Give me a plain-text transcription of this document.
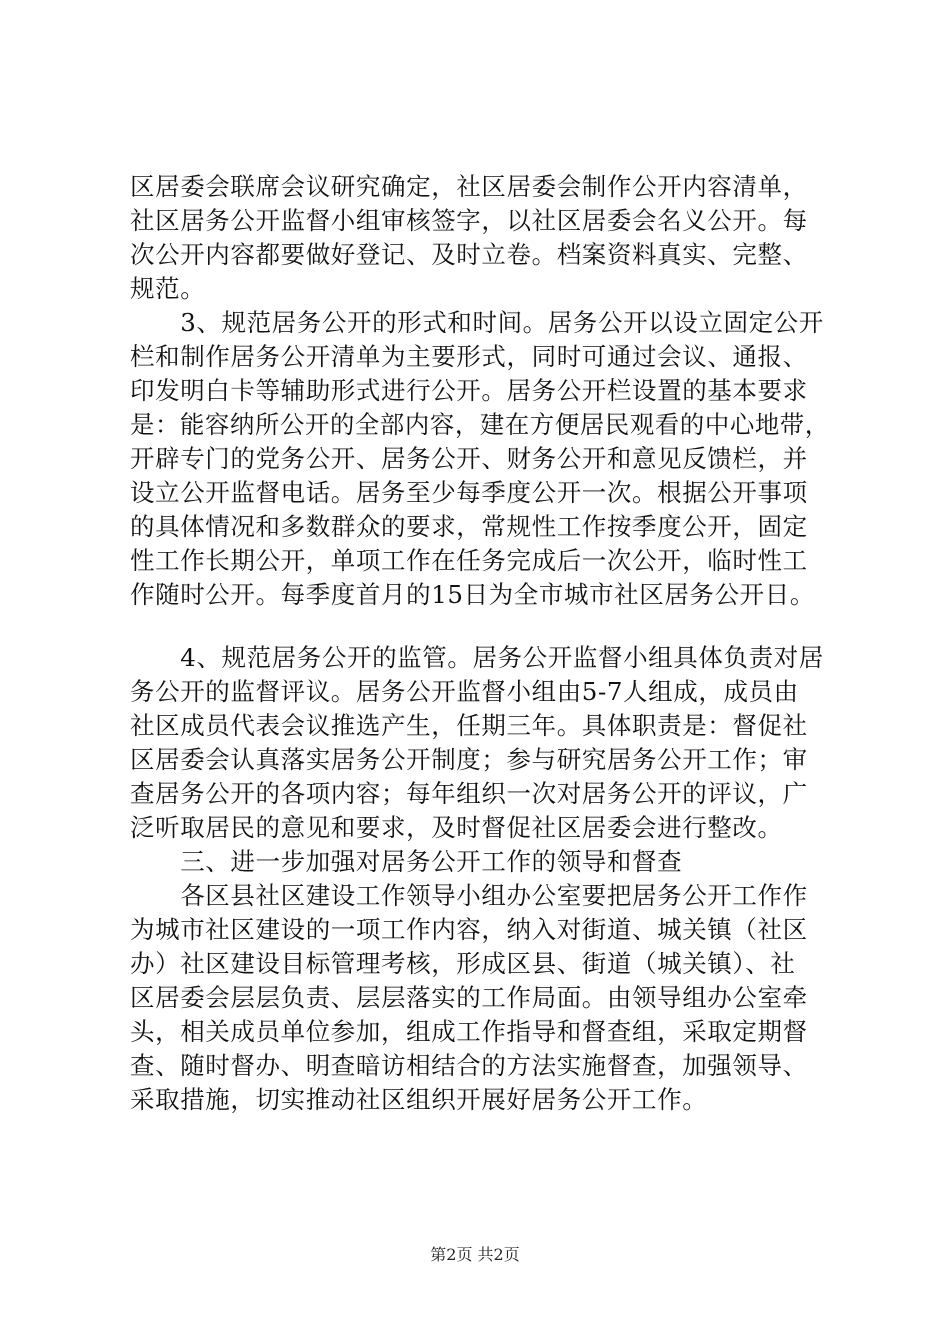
区居委会联席会议研究确定，社区居委会制作公开内容清单，
社区居务公开监督小组审核签字，以社区居委会名义公开。每
次公开内容都要做好登记、及时立卷。档案资料真实、完整、
规范。
　　3、规范居务公开的形式和时间。居务公开以设立固定公开
栏和制作居务公开清单为主要形式，同时可通过会议、通报、
印发明白卡等辅助形式进行公开。居务公开栏设置的基本要求
是：能容纳所公开的全部内容，建在方便居民观看的中心地带，
开辟专门的党务公开、居务公开、财务公开和意见反馈栏，并
设立公开监督电话。居务至少每季度公开一次。根据公开事项
的具体情况和多数群众的要求，常规性工作按季度公开，固定
性工作长期公开，单项工作在任务完成后一次公开，临时性工
作随时公开。每季度首月的15日为全市城市社区居务公开日。
　　4、规范居务公开的监管。居务公开监督小组具体负责对居
务公开的监督评议。居务公开监督小组由5-7人组成，成员由
社区成员代表会议推选产生，任期三年。具体职责是：督促社
区居委会认真落实居务公开制度；参与研究居务公开工作；审
查居务公开的各项内容；每年组织一次对居务公开的评议，广
泛听取居民的意见和要求，及时督促社区居委会进行整改。
　　三、进一步加强对居务公开工作的领导和督查
　　各区县社区建设工作领导小组办公室要把居务公开工作作
为城市社区建设的一项工作内容，纳入对街道、城关镇（社区
办）社区建设目标管理考核，形成区县、街道（城关镇）、社
区居委会层层负责、层层落实的工作局面。由领导组办公室牵
头，相关成员单位参加，组成工作指导和督查组，采取定期督
查、随时督办、明查暗访相结合的方法实施督查，加强领导、
采取措施，切实推动社区组织开展好居务公开工作。
第2页 共2页
